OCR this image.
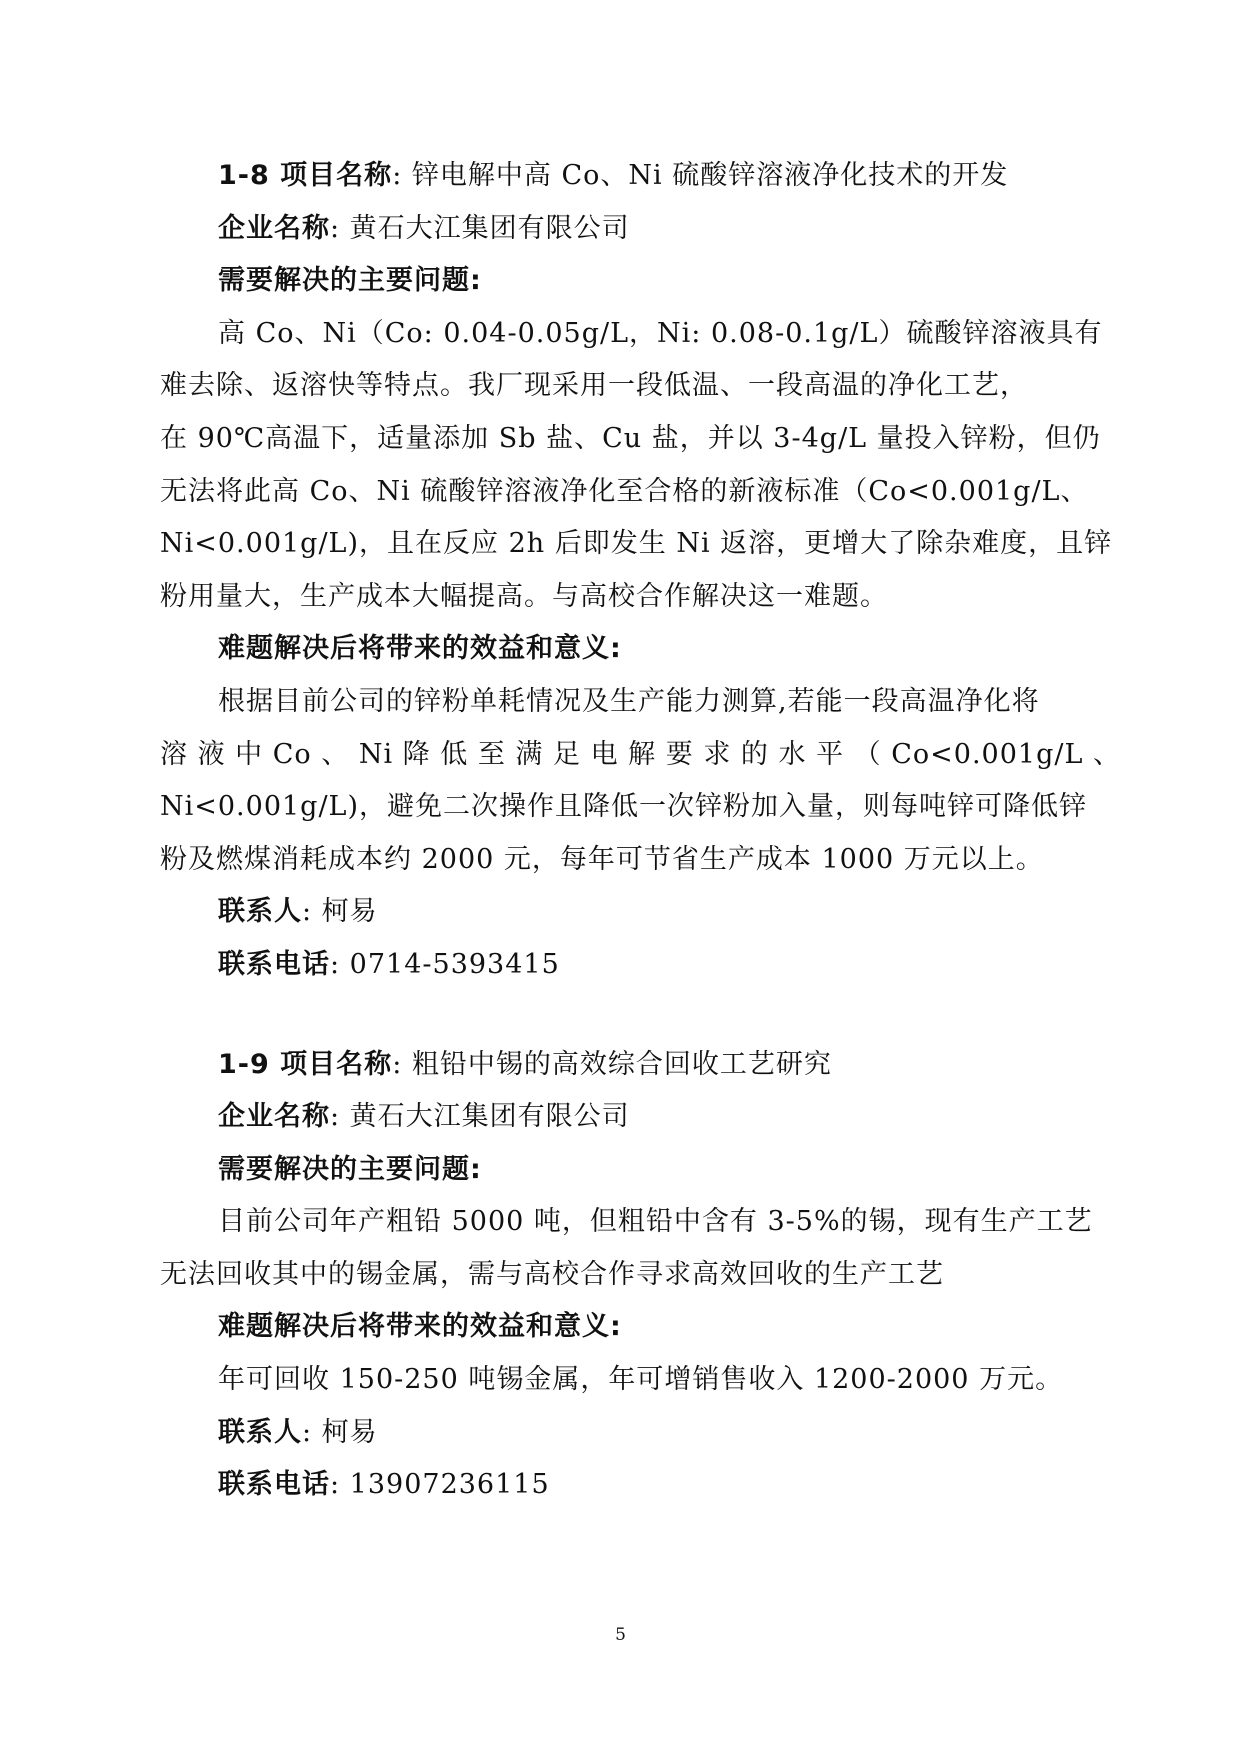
1-8 项目名称: 锌电解中高 Co、Ni 硫酸锌溶液净化技术的开发
企业名称: 黄石大江集团有限公司
需要解决的主要问题:
高 Co、Ni（Co: 0.04-0.05g/L，Ni: 0.08-0.1g/L）硫酸锌溶液具有
难去除、返溶快等特点。我厂现采用一段低温、一段高温的净化工艺，
在 90℃高温下，适量添加 Sb 盐、Cu 盐，并以 3-4g/L 量投入锌粉，但仍
无法将此高 Co、Ni 硫酸锌溶液净化至合格的新液标准（Co<0.001g/L、
Ni<0.001g/L)，且在反应 2h 后即发生 Ni 返溶，更增大了除杂难度，且锌
粉用量大，生产成本大幅提高。与高校合作解决这一难题。
难题解决后将带来的效益和意义:
根据目前公司的锌粉单耗情况及生产能力测算,若能一段高温净化将
溶 液 中 Co 、 Ni 降 低 至 满 足 电 解 要 求 的 水 平 （ Co<0.001g/L 、
Ni<0.001g/L)，避免二次操作且降低一次锌粉加入量，则每吨锌可降低锌
粉及燃煤消耗成本约 2000 元，每年可节省生产成本 1000 万元以上。
联系人: 柯易
联系电话: 0714-5393415
1-9 项目名称: 粗铅中锡的高效综合回收工艺研究
企业名称: 黄石大江集团有限公司
需要解决的主要问题:
目前公司年产粗铅 5000 吨，但粗铅中含有 3-5%的锡，现有生产工艺
无法回收其中的锡金属，需与高校合作寻求高效回收的生产工艺
难题解决后将带来的效益和意义:
年可回收 150-250 吨锡金属，年可增销售收入 1200-2000 万元。
联系人: 柯易
联系电话: 13907236115
5
